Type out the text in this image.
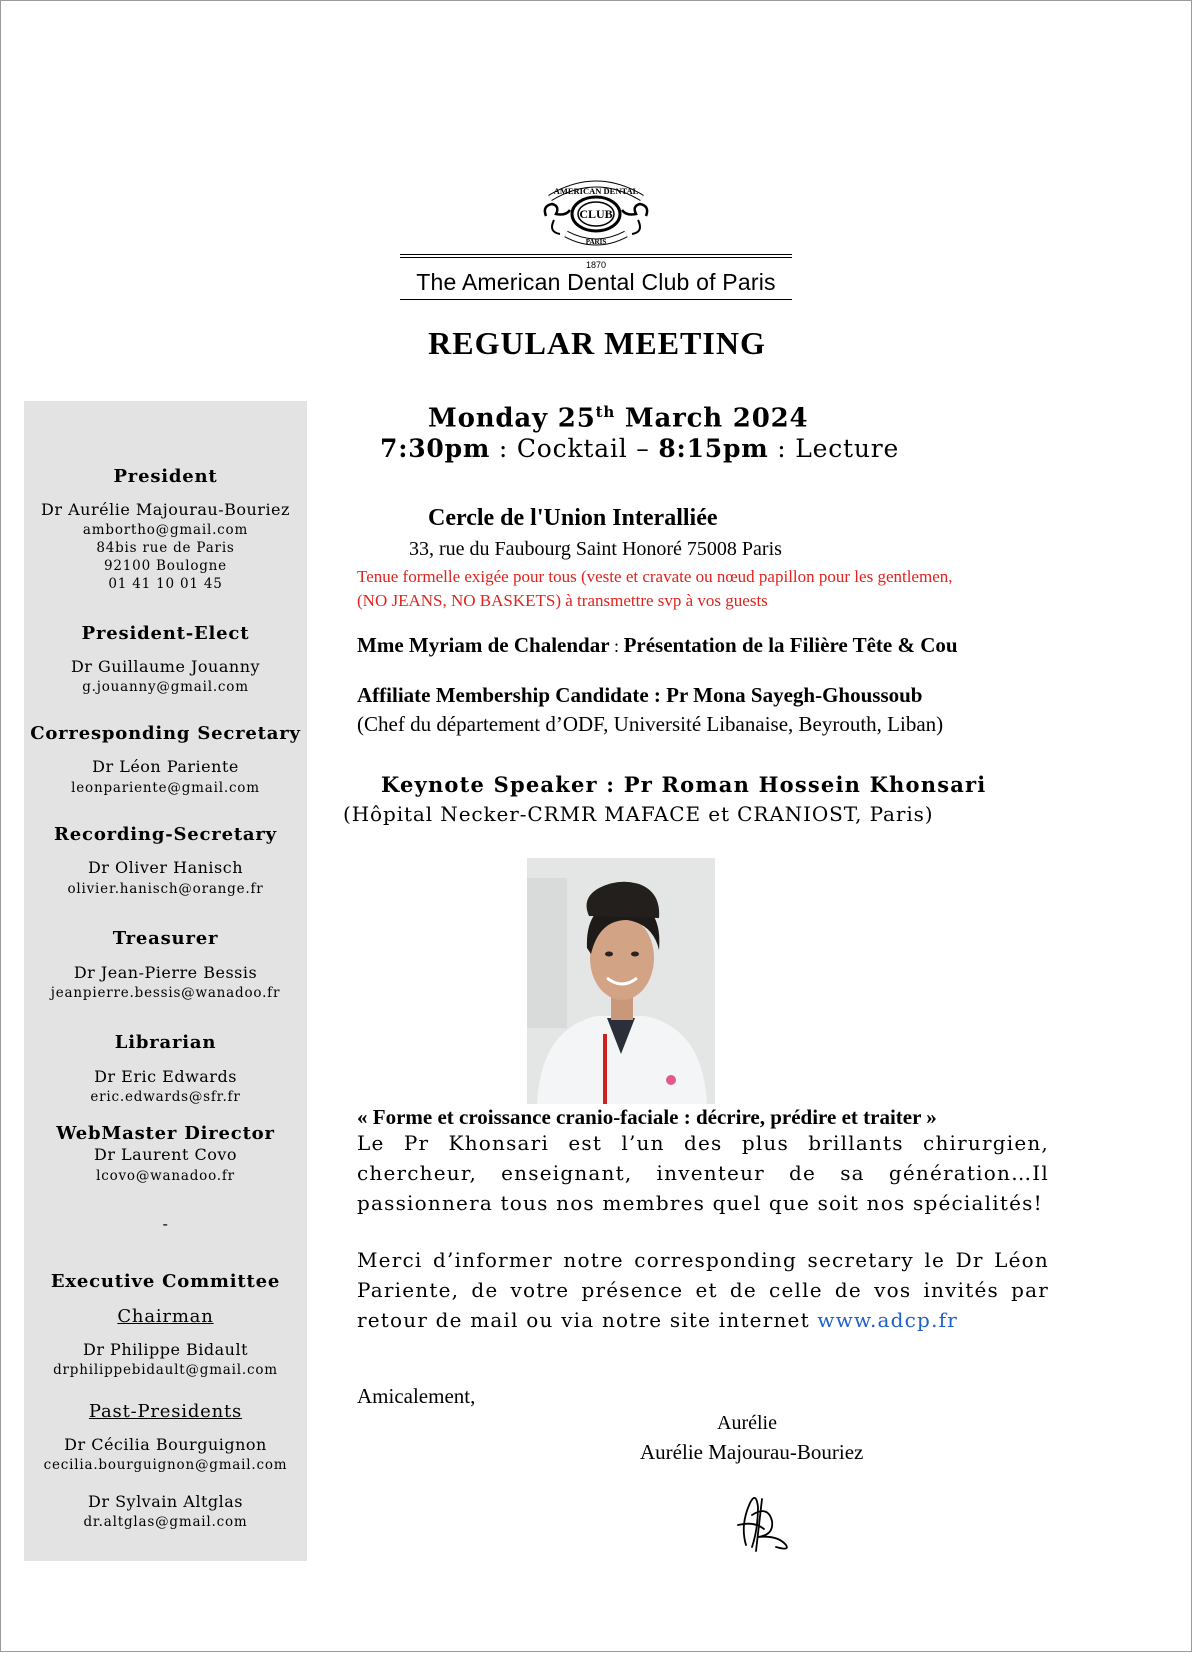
AMERICAN DENTAL
CLUB
PARIS
1870
The American Dental Club of Paris
REGULAR MEETING
President
Dr Aurélie Majourau-Bouriez
ambortho@gmail.com
84bis rue de Paris
92100 Boulogne
01 41 10 01 45
President-Elect
Dr Guillaume Jouanny
g.jouanny@gmail.com
Corresponding Secretary
Dr Léon Pariente
leonpariente@gmail.com
Recording-Secretary
Dr Oliver Hanisch
olivier.hanisch@orange.fr
Treasurer
Dr Jean-Pierre Bessis
jeanpierre.bessis@wanadoo.fr
Librarian
Dr Eric Edwards
eric.edwards@sfr.fr
WebMaster Director
Dr Laurent Covo
lcovo@wanadoo.fr
-
Executive Committee
Chairman
Dr Philippe Bidault
drphilippebidault@gmail.com
Past-Presidents
Dr Cécilia Bourguignon
cecilia.bourguignon@gmail.com
Dr Sylvain Altglas
dr.altglas@gmail.com
Monday 25th March 2024
7:30pm : Cocktail – 8:15pm : Lecture
Cercle de l'Union Interalliée
33, rue du Faubourg Saint Honoré 75008 Paris
Tenue formelle exigée pour tous (veste et cravate ou nœud papillon pour les gentlemen, (NO JEANS, NO BASKETS) à transmettre svp à vos guests
Mme Myriam de Chalendar : Présentation de la Filière Tête & Cou
Affiliate Membership Candidate : Pr Mona Sayegh-Ghoussoub
(Chef du département d’ODF, Université Libanaise, Beyrouth, Liban)
Keynote Speaker : Pr Roman Hossein Khonsari
(Hôpital Necker-CRMR MAFACE et CRANIOST, Paris)
« Forme et croissance cranio-faciale : décrire, prédire et traiter »
Le Pr Khonsari est l’un des plus brillants chirurgien, chercheur, enseignant, inventeur de sa génération…Il passionnera tous nos membres quel que soit nos spécialités!
Merci d’informer notre corresponding secretary le Dr Léon Pariente, de votre présence et de celle de vos invités par retour de mail ou via notre site internet www.adcp.fr
Amicalement,
Aurélie
Aurélie Majourau-Bouriez
